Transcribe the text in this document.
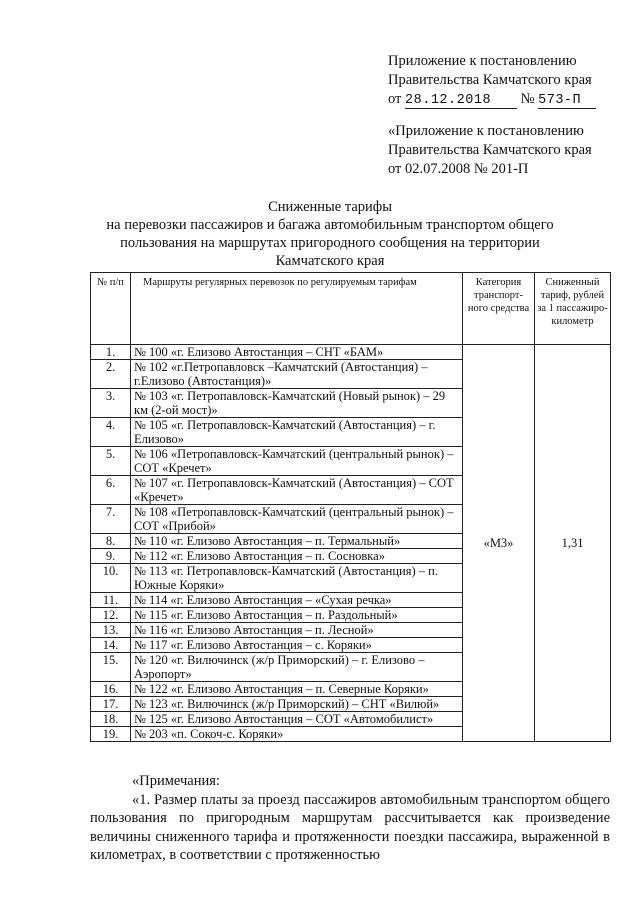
Приложение к постановлению
Правительства Камчатского края
от 28.12.2018 № 573-П
«Приложение к постановлению
Правительства Камчатского края
от 02.07.2008 № 201-П
Сниженные тарифы
на перевозки пассажиров и багажа автомобильным транспортом общего
пользования на маршрутах пригородного сообщения на территории
Камчатского края
№ п/п	Маршруты регулярных перевозок по регулируемым тарифам	Категория транспорт- ного средства	Сниженный тариф, рублей за 1 пассажиро- километр
1.	№ 100 «г. Елизово Автостанция – СНТ «БАМ»	«М3»	1,31
2.	№ 102 «г.Петропавловск –Камчатский (Автостанция) – г.Елизово (Автостанция)»		
3.	№ 103 «г. Петропавловск-Камчатский (Новый рынок) – 29 км (2-ой мост)»		
4.	№ 105 «г. Петропавловск-Камчатский (Автостанция) – г. Елизово»		
5.	№ 106 «Петропавловск-Камчатский (центральный рынок) – СОТ «Кречет»		
6.	№ 107 «г. Петропавловск-Камчатский (Автостанция) – СОТ «Кречет»		
7.	№ 108 «Петропавловск-Камчатский (центральный рынок) – СОТ «Прибой»		
8.	№ 110 «г. Елизово Автостанция – п. Термальный»		
9.	№ 112 «г. Елизово Автостанция – п. Сосновка»		
10.	№ 113 «г. Петропавловск-Камчатский (Автостанция) – п. Южные Коряки»		
11.	№ 114 «г. Елизово Автостанция – «Сухая речка»		
12.	№ 115 «г. Елизово Автостанция – п. Раздольный»		
13.	№ 116 «г. Елизово Автостанция – п. Лесной»		
14.	№ 117 «г. Елизово Автостанция – с. Коряки»		
15.	№ 120 «г. Вилючинск (ж/р Приморский) – г. Елизово – Аэропорт»		
16.	№ 122 «г. Елизово Автостанция – п. Северные Коряки»		
17.	№ 123 «г. Вилючинск (ж/р Приморский) – СНТ «Вилюй»		
18.	№ 125 «г. Елизово Автостанция – СОТ «Автомобилист»		
19.	№ 203 «п. Сокоч-с. Коряки»		

«Примечания:

«1. Размер платы за проезд пассажиров автомобильным транспортом общего пользования по пригородным маршрутам рассчитывается как произведение величины сниженного тарифа и протяженности поездки пассажира, выраженной в километрах, в соответствии с протяженностью
